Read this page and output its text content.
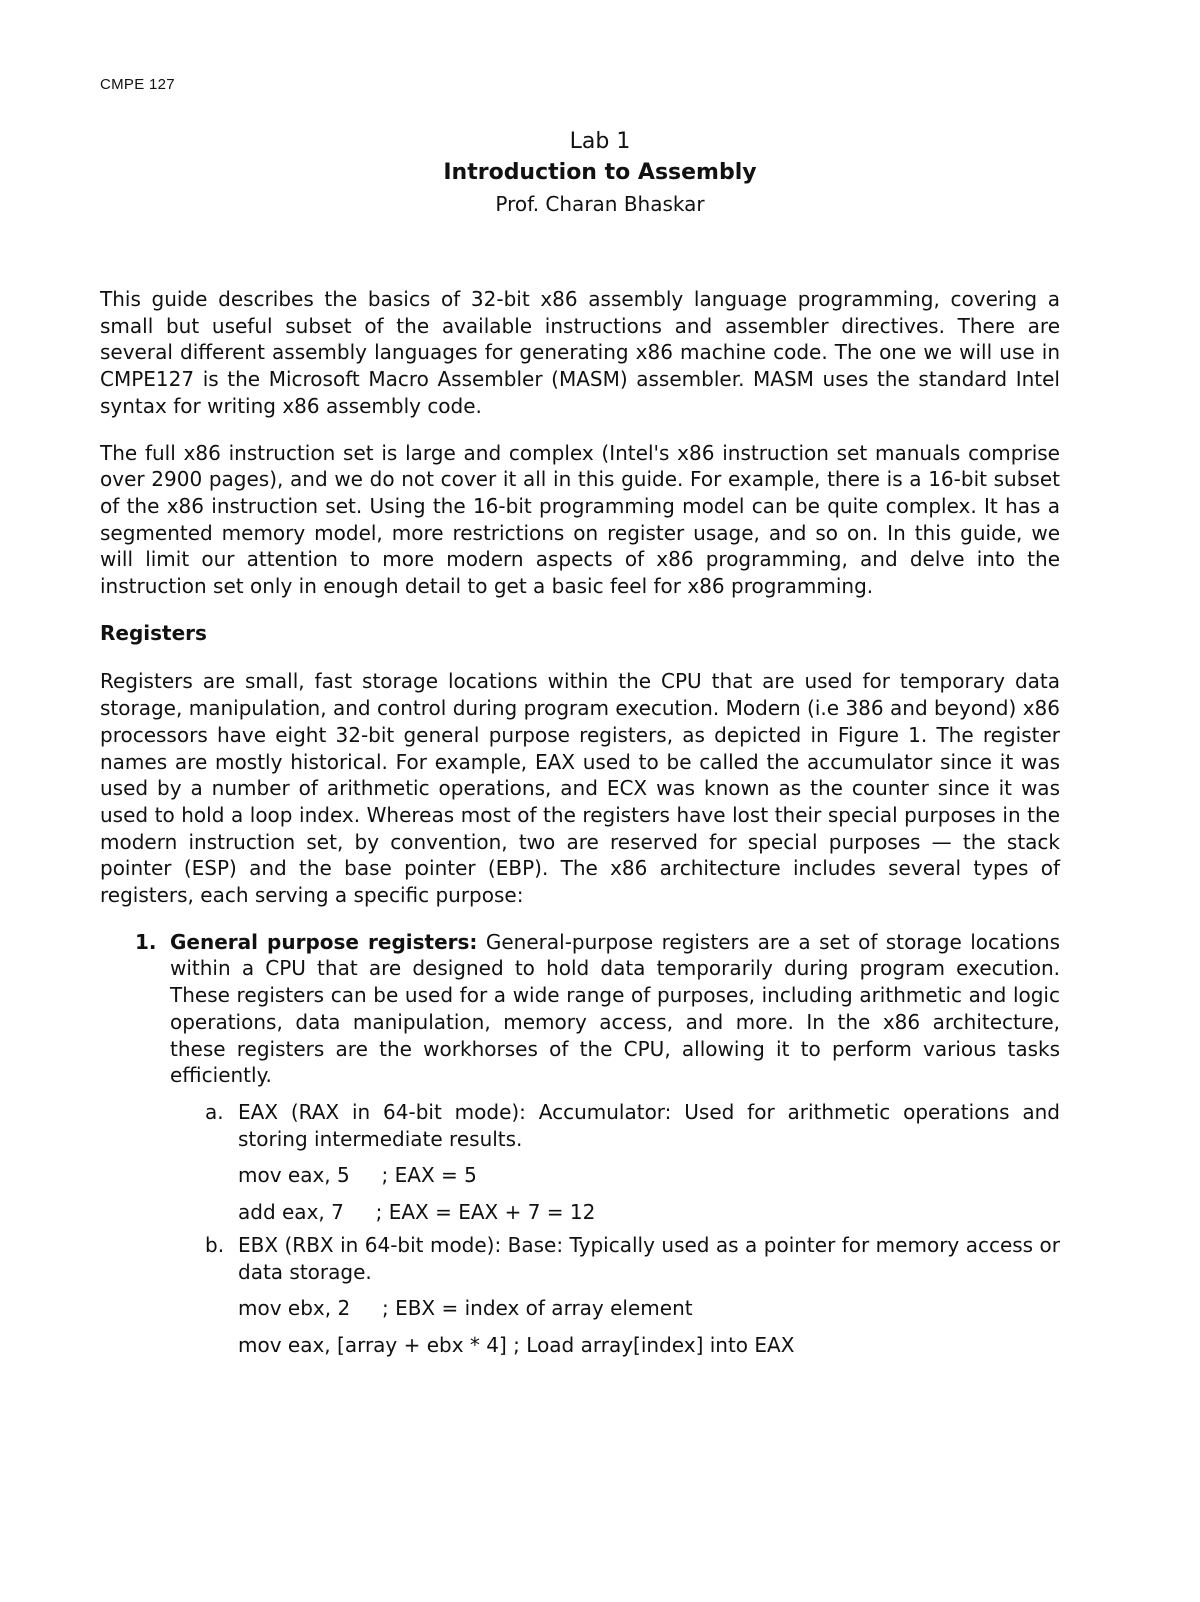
CMPE 127
Lab 1
Introduction to Assembly
Prof. Charan Bhaskar

This guide describes the basics of 32-bit x86 assembly language programming, covering a small but useful subset of the available instructions and assembler directives. There are several different assembly languages for generating x86 machine code. The one we will use in CMPE127 is the Microsoft Macro Assembler (MASM) assembler. MASM uses the standard Intel syntax for writing x86 assembly code.

The full x86 instruction set is large and complex (Intel's x86 instruction set manuals comprise over 2900 pages), and we do not cover it all in this guide. For example, there is a 16-bit subset of the x86 instruction set. Using the 16-bit programming model can be quite complex. It has a segmented memory model, more restrictions on register usage, and so on. In this guide, we will limit our attention to more modern aspects of x86 programming, and delve into the instruction set only in enough detail to get a basic feel for x86 programming.

Registers

Registers are small, fast storage locations within the CPU that are used for temporary data storage, manipulation, and control during program execution. Modern (i.e 386 and beyond) x86 processors have eight 32-bit general purpose registers, as depicted in Figure 1. The register names are mostly historical. For example, EAX used to be called the accumulator since it was used by a number of arithmetic operations, and ECX was known as the counter since it was used to hold a loop index. Whereas most of the registers have lost their special purposes in the modern instruction set, by convention, two are reserved for special purposes — the stack pointer (ESP) and the base pointer (EBP). The x86 architecture includes several types of registers, each serving a specific purpose:

1. General purpose registers: General-purpose registers are a set of storage locations within a CPU that are designed to hold data temporarily during program execution. These registers can be used for a wide range of purposes, including arithmetic and logic operations, data manipulation, memory access, and more. In the x86 architecture, these registers are the workhorses of the CPU, allowing it to perform various tasks efficiently.
a. EAX (RAX in 64-bit mode): Accumulator: Used for arithmetic operations and storing intermediate results.
mov eax, 5     ; EAX = 5
add eax, 7     ; EAX = EAX + 7 = 12
b. EBX (RBX in 64-bit mode): Base: Typically used as a pointer for memory access or data storage.
mov ebx, 2     ; EBX = index of array element
mov eax, [array + ebx * 4] ; Load array[index] into EAX
